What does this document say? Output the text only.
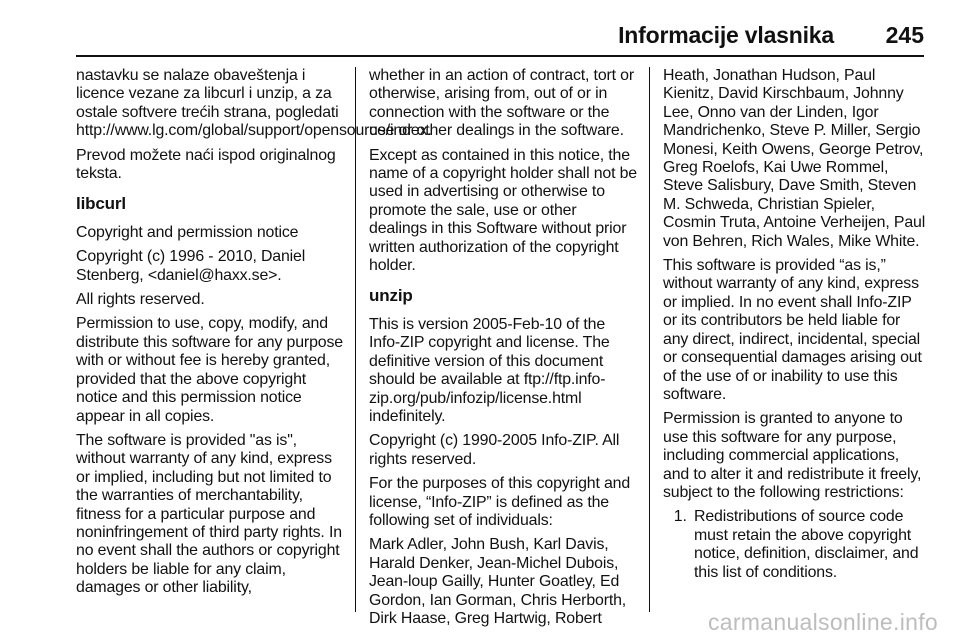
Informacije vlasnika 245

nastavku se nalaze obaveštenja i licence vezane za libcurl i unzip, a za ostale softvere trećih strana, pogledati http://www.lg.com/global/support/opensource/index.

Prevod možete naći ispod originalnog teksta.

libcurl

Copyright and permission notice

Copyright (c) 1996 - 2010, Daniel Stenberg, <daniel@haxx.se>.

All rights reserved.

Permission to use, copy, modify, and distribute this software for any purpose with or without fee is hereby granted, provided that the above copyright notice and this permission notice appear in all copies.

The software is provided "as is", without warranty of any kind, express or implied, including but not limited to the warranties of merchantability, fitness for a particular purpose and noninfringement of third party rights. In no event shall the authors or copyright holders be liable for any claim, damages or other liability,

whether in an action of contract, tort or otherwise, arising from, out of or in connection with the software or the use or other dealings in the software.

Except as contained in this notice, the name of a copyright holder shall not be used in advertising or otherwise to promote the sale, use or other dealings in this Software without prior written authorization of the copyright holder.

unzip

This is version 2005-Feb-10 of the Info-ZIP copyright and license. The definitive version of this document should be available at ftp://ftp.info-zip.org/pub/infozip/license.html indefinitely.

Copyright (c) 1990-2005 Info-ZIP. All rights reserved.

For the purposes of this copyright and license, “Info-ZIP” is defined as the following set of individuals:

Mark Adler, John Bush, Karl Davis, Harald Denker, Jean-Michel Dubois, Jean-loup Gailly, Hunter Goatley, Ed Gordon, Ian Gorman, Chris Herborth, Dirk Haase, Greg Hartwig, Robert

Heath, Jonathan Hudson, Paul Kienitz, David Kirschbaum, Johnny Lee, Onno van der Linden, Igor Mandrichenko, Steve P. Miller, Sergio Monesi, Keith Owens, George Petrov, Greg Roelofs, Kai Uwe Rommel, Steve Salisbury, Dave Smith, Steven M. Schweda, Christian Spieler, Cosmin Truta, Antoine Verheijen, Paul von Behren, Rich Wales, Mike White.

This software is provided “as is,” without warranty of any kind, express or implied. In no event shall Info-ZIP or its contributors be held liable for any direct, indirect, incidental, special or consequential damages arising out of the use of or inability to use this software.

Permission is granted to anyone to use this software for any purpose, including commercial applications, and to alter it and redistribute it freely, subject to the following restrictions:

1. Redistributions of source code must retain the above copyright notice, definition, disclaimer, and this list of conditions.
carmanualsonline.info
